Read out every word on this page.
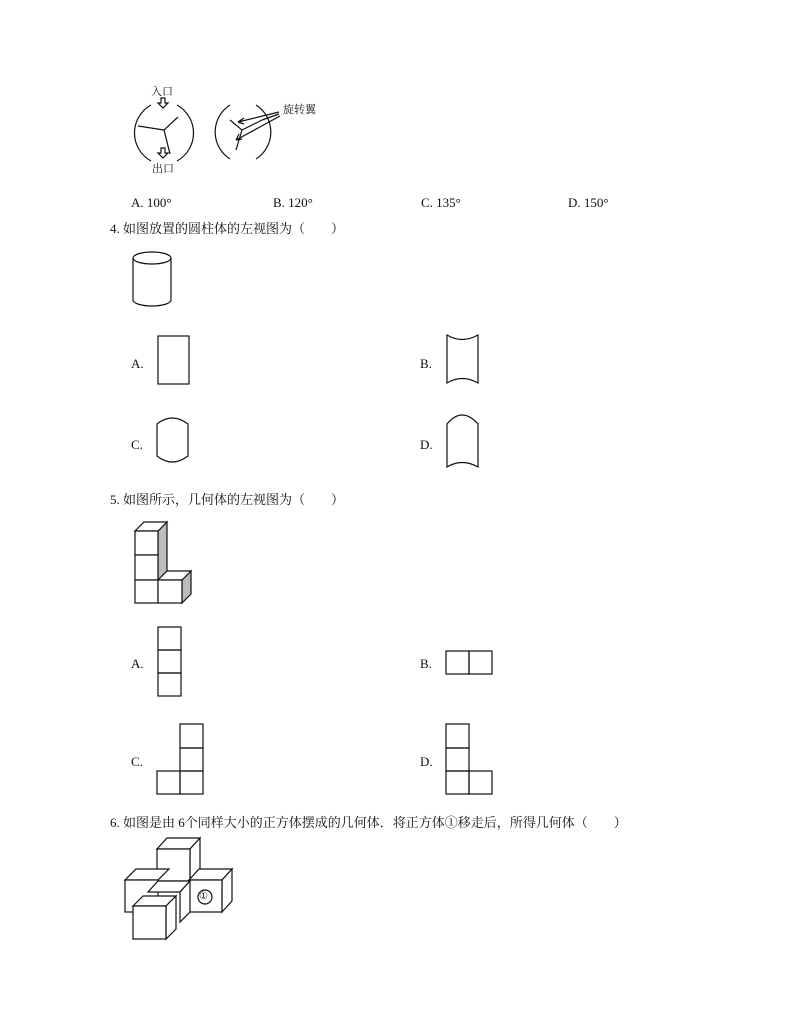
入口
出口
旋转翼
A. 100°	B. 120°	C. 135°	D. 150°
4. 如图放置的圆柱体的左视图为（　　）
A.	B.
C.	D.
5. 如图所示，几何体的左视图为（　　）
A.	B.
C.	D.
6. 如图是由 6个同样大小的正方体摆成的几何体．将正方体①移走后，所得几何体（　　）
①
